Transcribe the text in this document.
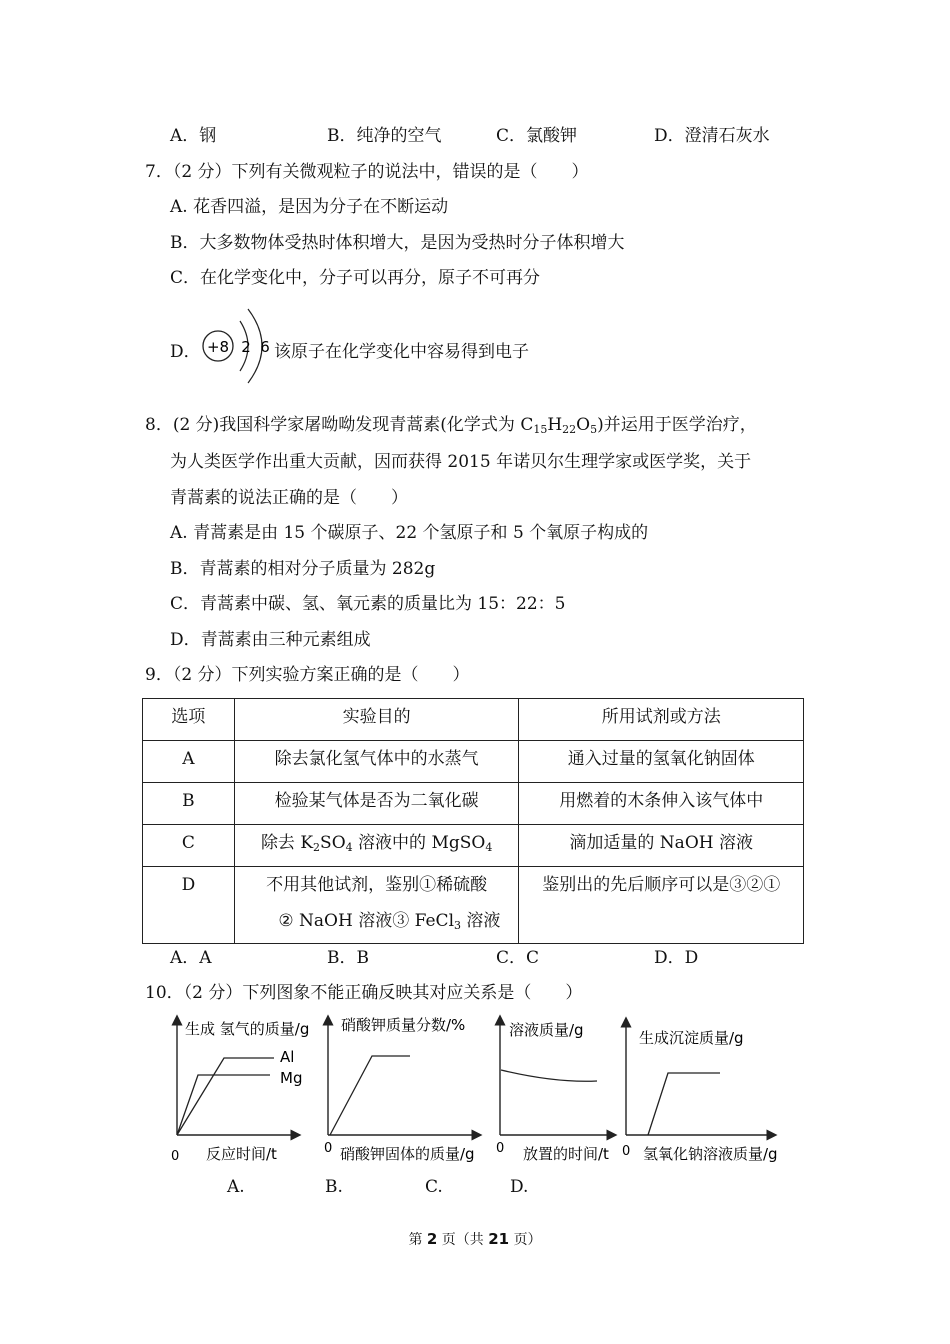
A．钢	B．纯净的空气	C．氯酸钾	D．澄清石灰水
7．（2 分）下列有关微观粒子的说法中，错误的是（　　）
A. 花香四溢，是因为分子在不断运动
B．大多数物体受热时体积增大，是因为受热时分子体积增大
C．在化学变化中，分子可以再分，原子不可再分
D． +8 2 6 该原子在化学变化中容易得到电子
8．(2 分)我国科学家屠呦呦发现青蒿素(化学式为 $C_{15}H_{22}O_5$)并运用于医学治疗，
为人类医学作出重大贡献，因而获得 2015 年诺贝尔生理学家或医学奖，关于
青蒿素的说法正确的是（　　）
A. 青蒿素是由 15 个碳原子、22 个氢原子和 5 个氧原子构成的
B．青蒿素的相对分子质量为 282g
C．青蒿素中碳、氢、氧元素的质量比为 15：22：5
D．青蒿素由三种元素组成
9．（2 分）下列实验方案正确的是（　　）
选项	实验目的	所用试剂或方法

A	除去氯化氢气体中的水蒸气	通入过量的氢氧化钠固体

B	检验某气体是否为二氧化碳	用燃着的木条伸入该气体中

C	除去 $K_2SO_4$ 溶液中的 MgSO$_4$	滴加适量的 NaOH 溶液

D	不用其他试剂，鉴别①稀硫酸
② NaOH 溶液③ FeCl$_3$ 溶液	鉴别出的先后顺序可以是③②①
A．A	B．B	C．C	D．D
10．（2 分）下列图象不能正确反映其对应关系是（　　）
生成 氢气的质量/g
反应时间/t
0
Al
Mg
硝酸钾质量分数/%
硝酸钾固体的质量/g
0
溶液质量/g
放置的时间/t
0
生成沉淀质量/g
氢氧化钠溶液质量/g
0
A.	B.	C.	D.
第 2 页（共 21 页）
